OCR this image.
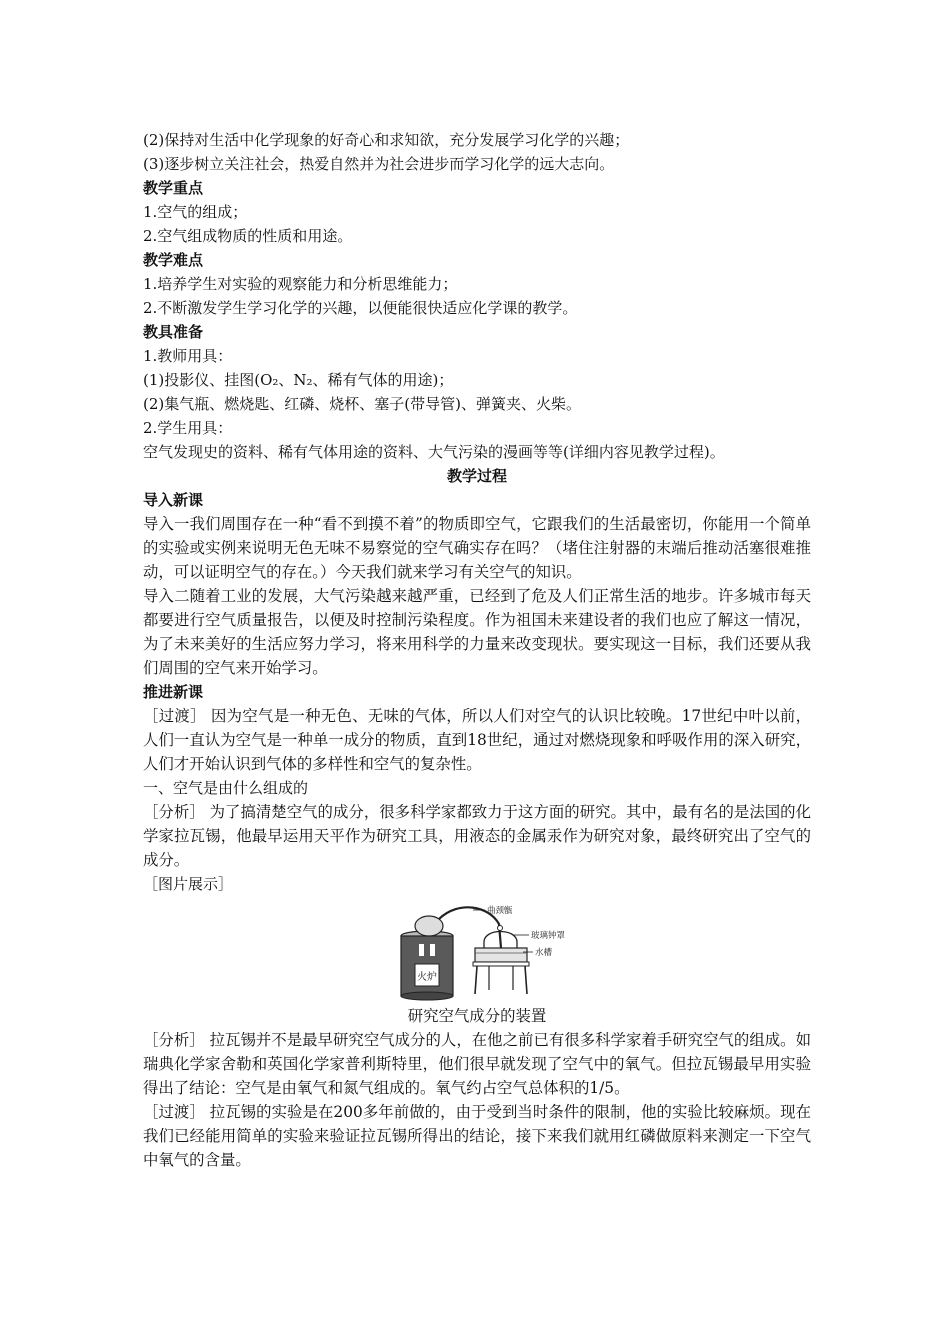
(2)保持对生活中化学现象的好奇心和求知欲，充分发展学习化学的兴趣；
(3)逐步树立关注社会，热爱自然并为社会进步而学习化学的远大志向。
教学重点
1.空气的组成；
2.空气组成物质的性质和用途。
教学难点
1.培养学生对实验的观察能力和分析思维能力；
2.不断激发学生学习化学的兴趣，以便能很快适应化学课的教学。
教具准备
1.教师用具：
(1)投影仪、挂图(O₂、N₂、稀有气体的用途)；
(2)集气瓶、燃烧匙、红磷、烧杯、塞子(带导管)、弹簧夹、火柴。
2.学生用具：
空气发现史的资料、稀有气体用途的资料、大气污染的漫画等等(详细内容见教学过程)。
教学过程
导入新课
导入一我们周围存在一种“看不到摸不着”的物质即空气，它跟我们的生活最密切，你能用一个简单的实验或实例来说明无色无味不易察觉的空气确实存在吗？（堵住注射器的末端后推动活塞很难推动，可以证明空气的存在。）今天我们就来学习有关空气的知识。
导入二随着工业的发展，大气污染越来越严重，已经到了危及人们正常生活的地步。许多城市每天都要进行空气质量报告，以便及时控制污染程度。作为祖国未来建设者的我们也应了解这一情况，为了未来美好的生活应努力学习，将来用科学的力量来改变现状。要实现这一目标，我们还要从我们周围的空气来开始学习。
推进新课
［过渡］ 因为空气是一种无色、无味的气体，所以人们对空气的认识比较晚。17世纪中叶以前，人们一直认为空气是一种单一成分的物质，直到18世纪，通过对燃烧现象和呼吸作用的深入研究，人们才开始认识到气体的多样性和空气的复杂性。
一、空气是由什么组成的
［分析］ 为了搞清楚空气的成分，很多科学家都致力于这方面的研究。其中，最有名的是法国的化学家拉瓦锡，他最早运用天平作为研究工具，用液态的金属汞作为研究对象，最终研究出了空气的成分。
［图片展示］
火炉
曲颈甑
玻璃钟罩
水槽
研究空气成分的装置
［分析］ 拉瓦锡并不是最早研究空气成分的人，在他之前已有很多科学家着手研究空气的组成。如瑞典化学家舍勒和英国化学家普利斯特里，他们很早就发现了空气中的氧气。但拉瓦锡最早用实验得出了结论：空气是由氧气和氮气组成的。氧气约占空气总体积的1/5。
［过渡］ 拉瓦锡的实验是在200多年前做的，由于受到当时条件的限制，他的实验比较麻烦。现在我们已经能用简单的实验来验证拉瓦锡所得出的结论，接下来我们就用红磷做原料来测定一下空气中氧气的含量。
